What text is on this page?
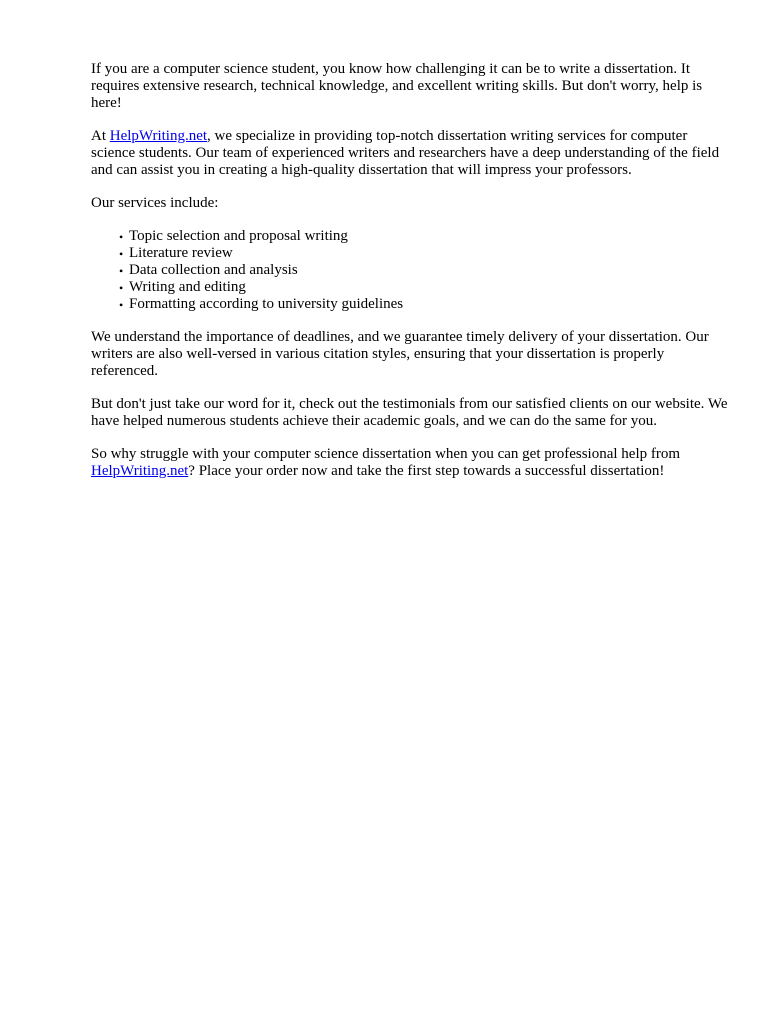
If you are a computer science student, you know how challenging it can be to write a dissertation. It requires extensive research, technical knowledge, and excellent writing skills. But don't worry, help is here!

At HelpWriting.net, we specialize in providing top-notch dissertation writing services for computer science students. Our team of experienced writers and researchers have a deep understanding of the field and can assist you in creating a high-quality dissertation that will impress your professors.

Our services include:

• Topic selection and proposal writing
• Literature review
• Data collection and analysis
• Writing and editing
• Formatting according to university guidelines

We understand the importance of deadlines, and we guarantee timely delivery of your dissertation. Our writers are also well-versed in various citation styles, ensuring that your dissertation is properly referenced.

But don't just take our word for it, check out the testimonials from our satisfied clients on our website. We have helped numerous students achieve their academic goals, and we can do the same for you.

So why struggle with your computer science dissertation when you can get professional help from HelpWriting.net? Place your order now and take the first step towards a successful dissertation!
